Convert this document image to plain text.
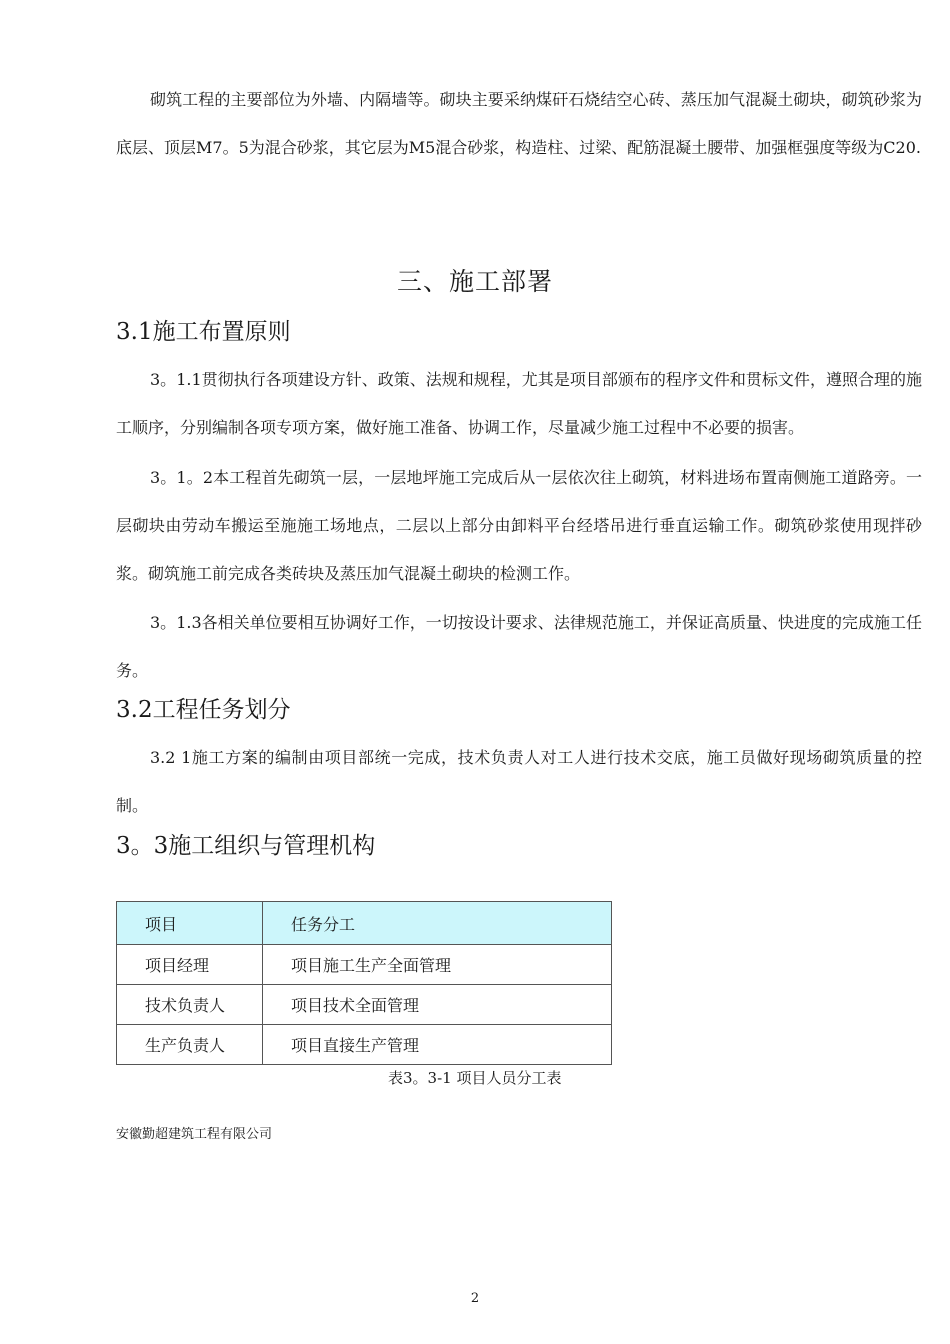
砌筑工程的主要部位为外墙、内隔墙等。砌块主要采纳煤矸石烧结空心砖、蒸压加气混凝土砌块，砌筑砂浆为底层、顶层M7。5为混合砂浆，其它层为M5混合砂浆，构造柱、过梁、配筋混凝土腰带、加强框强度等级为C20.

三、施工部署
3.1施工布置原则

3。1.1贯彻执行各项建设方针、政策、法规和规程，尤其是项目部颁布的程序文件和贯标文件，遵照合理的施工顺序，分别编制各项专项方案，做好施工准备、协调工作，尽量减少施工过程中不必要的损害。

3。1。2本工程首先砌筑一层，一层地坪施工完成后从一层依次往上砌筑，材料进场布置南侧施工道路旁。一层砌块由劳动车搬运至施施工场地点，二层以上部分由卸料平台经塔吊进行垂直运输工作。砌筑砂浆使用现拌砂浆。砌筑施工前完成各类砖块及蒸压加气混凝土砌块的检测工作。

3。1.3各相关单位要相互协调好工作，一切按设计要求、法律规范施工，并保证高质量、快进度的完成施工任务。

3.2工程任务划分

3.2 1施工方案的编制由项目部统一完成，技术负责人对工人进行技术交底，施工员做好现场砌筑质量的控制。

3。3施工组织与管理机构
项目	任务分工
项目经理	项目施工生产全面管理
技术负责人	项目技术全面管理
生产负责人	项目直接生产管理

表3。3-1 项目人员分工表

安徽勤超建筑工程有限公司

2
